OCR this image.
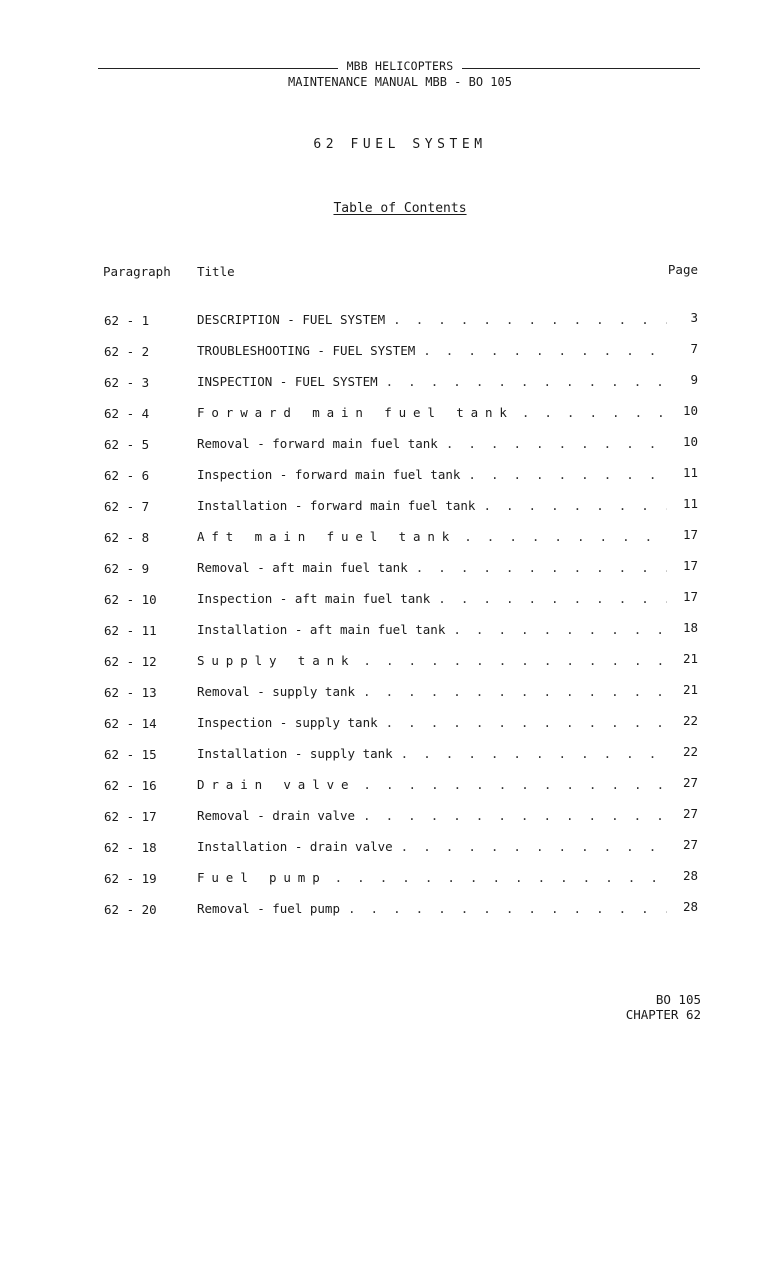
MBB HELICOPTERS
MAINTENANCE MANUAL MBB - BO 105
62 FUEL SYSTEM
Table of Contents
Paragraph Title	Page
62 - 1	DESCRIPTION - FUEL SYSTEM . . .	3
62 - 2	TROUBLESHOOTING - FUEL SYSTEM . . .	7
62 - 3	INSPECTION - FUEL SYSTEM . . .	9
62 - 4	Forward main fuel tank . . .	10
62 - 5	Removal - forward main fuel tank . . .	10
62 - 6	Inspection - forward main fuel tank . . .	11
62 - 7	Installation - forward main fuel tank . . .	11
62 - 8	Aft main fuel tank . . .	17
62 - 9	Removal - aft main fuel tank . . .	17
62 - 10	Inspection - aft main fuel tank . . .	17
62 - 11	Installation - aft main fuel tank . . .	18
62 - 12	Supply tank . . .	21
62 - 13	Removal - supply tank . . .	21
62 - 14	Inspection - supply tank . . .	22
62 - 15	Installation - supply tank . . .	22
62 - 16	Drain valve . . .	27
62 - 17	Removal - drain valve . . .	27
62 - 18	Installation - drain valve . . .	27
62 - 19	Fuel pump . . .	28
62 - 20	Removal - fuel pump . . .	28
BO 105
CHAPTER 62
